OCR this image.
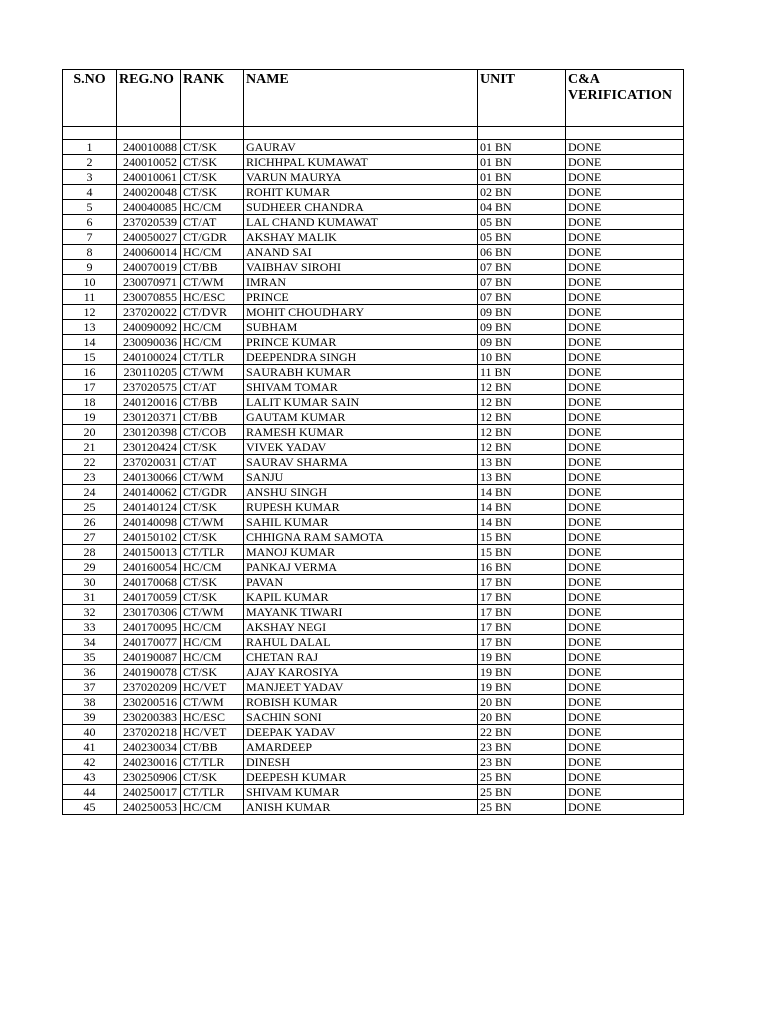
S.NO	REG.NO	RANK	NAME	UNIT	C&A VERIFICATION

1	240010088	CT/SK	GAURAV	01 BN	DONE
2	240010052	CT/SK	RICHHPAL KUMAWAT	01 BN	DONE
3	240010061	CT/SK	VARUN MAURYA	01 BN	DONE
4	240020048	CT/SK	ROHIT KUMAR	02 BN	DONE
5	240040085	HC/CM	SUDHEER CHANDRA	04 BN	DONE
6	237020539	CT/AT	LAL CHAND KUMAWAT	05 BN	DONE
7	240050027	CT/GDR	AKSHAY MALIK	05 BN	DONE
8	240060014	HC/CM	ANAND SAI	06 BN	DONE
9	240070019	CT/BB	VAIBHAV SIROHI	07 BN	DONE
10	230070971	CT/WM	IMRAN	07 BN	DONE
11	230070855	HC/ESC	PRINCE	07 BN	DONE
12	237020022	CT/DVR	MOHIT CHOUDHARY	09 BN	DONE
13	240090092	HC/CM	SUBHAM	09 BN	DONE
14	230090036	HC/CM	PRINCE KUMAR	09 BN	DONE
15	240100024	CT/TLR	DEEPENDRA SINGH	10 BN	DONE
16	230110205	CT/WM	SAURABH KUMAR	11 BN	DONE
17	237020575	CT/AT	SHIVAM TOMAR	12 BN	DONE
18	240120016	CT/BB	LALIT KUMAR SAIN	12 BN	DONE
19	230120371	CT/BB	GAUTAM KUMAR	12 BN	DONE
20	230120398	CT/COB	RAMESH KUMAR	12 BN	DONE
21	230120424	CT/SK	VIVEK YADAV	12 BN	DONE
22	237020031	CT/AT	SAURAV SHARMA	13 BN	DONE
23	240130066	CT/WM	SANJU	13 BN	DONE
24	240140062	CT/GDR	ANSHU SINGH	14 BN	DONE
25	240140124	CT/SK	RUPESH KUMAR	14 BN	DONE
26	240140098	CT/WM	SAHIL KUMAR	14 BN	DONE
27	240150102	CT/SK	CHHIGNA RAM SAMOTA	15 BN	DONE
28	240150013	CT/TLR	MANOJ KUMAR	15 BN	DONE
29	240160054	HC/CM	PANKAJ VERMA	16 BN	DONE
30	240170068	CT/SK	PAVAN	17 BN	DONE
31	240170059	CT/SK	KAPIL KUMAR	17 BN	DONE
32	230170306	CT/WM	MAYANK TIWARI	17 BN	DONE
33	240170095	HC/CM	AKSHAY NEGI	17 BN	DONE
34	240170077	HC/CM	RAHUL DALAL	17 BN	DONE
35	240190087	HC/CM	CHETAN RAJ	19 BN	DONE
36	240190078	CT/SK	AJAY KAROSIYA	19 BN	DONE
37	237020209	HC/VET	MANJEET YADAV	19 BN	DONE
38	230200516	CT/WM	ROBISH KUMAR	20 BN	DONE
39	230200383	HC/ESC	SACHIN SONI	20 BN	DONE
40	237020218	HC/VET	DEEPAK YADAV	22 BN	DONE
41	240230034	CT/BB	AMARDEEP	23 BN	DONE
42	240230016	CT/TLR	DINESH	23 BN	DONE
43	230250906	CT/SK	DEEPESH KUMAR	25 BN	DONE
44	240250017	CT/TLR	SHIVAM KUMAR	25 BN	DONE
45	240250053	HC/CM	ANISH KUMAR	25 BN	DONE
